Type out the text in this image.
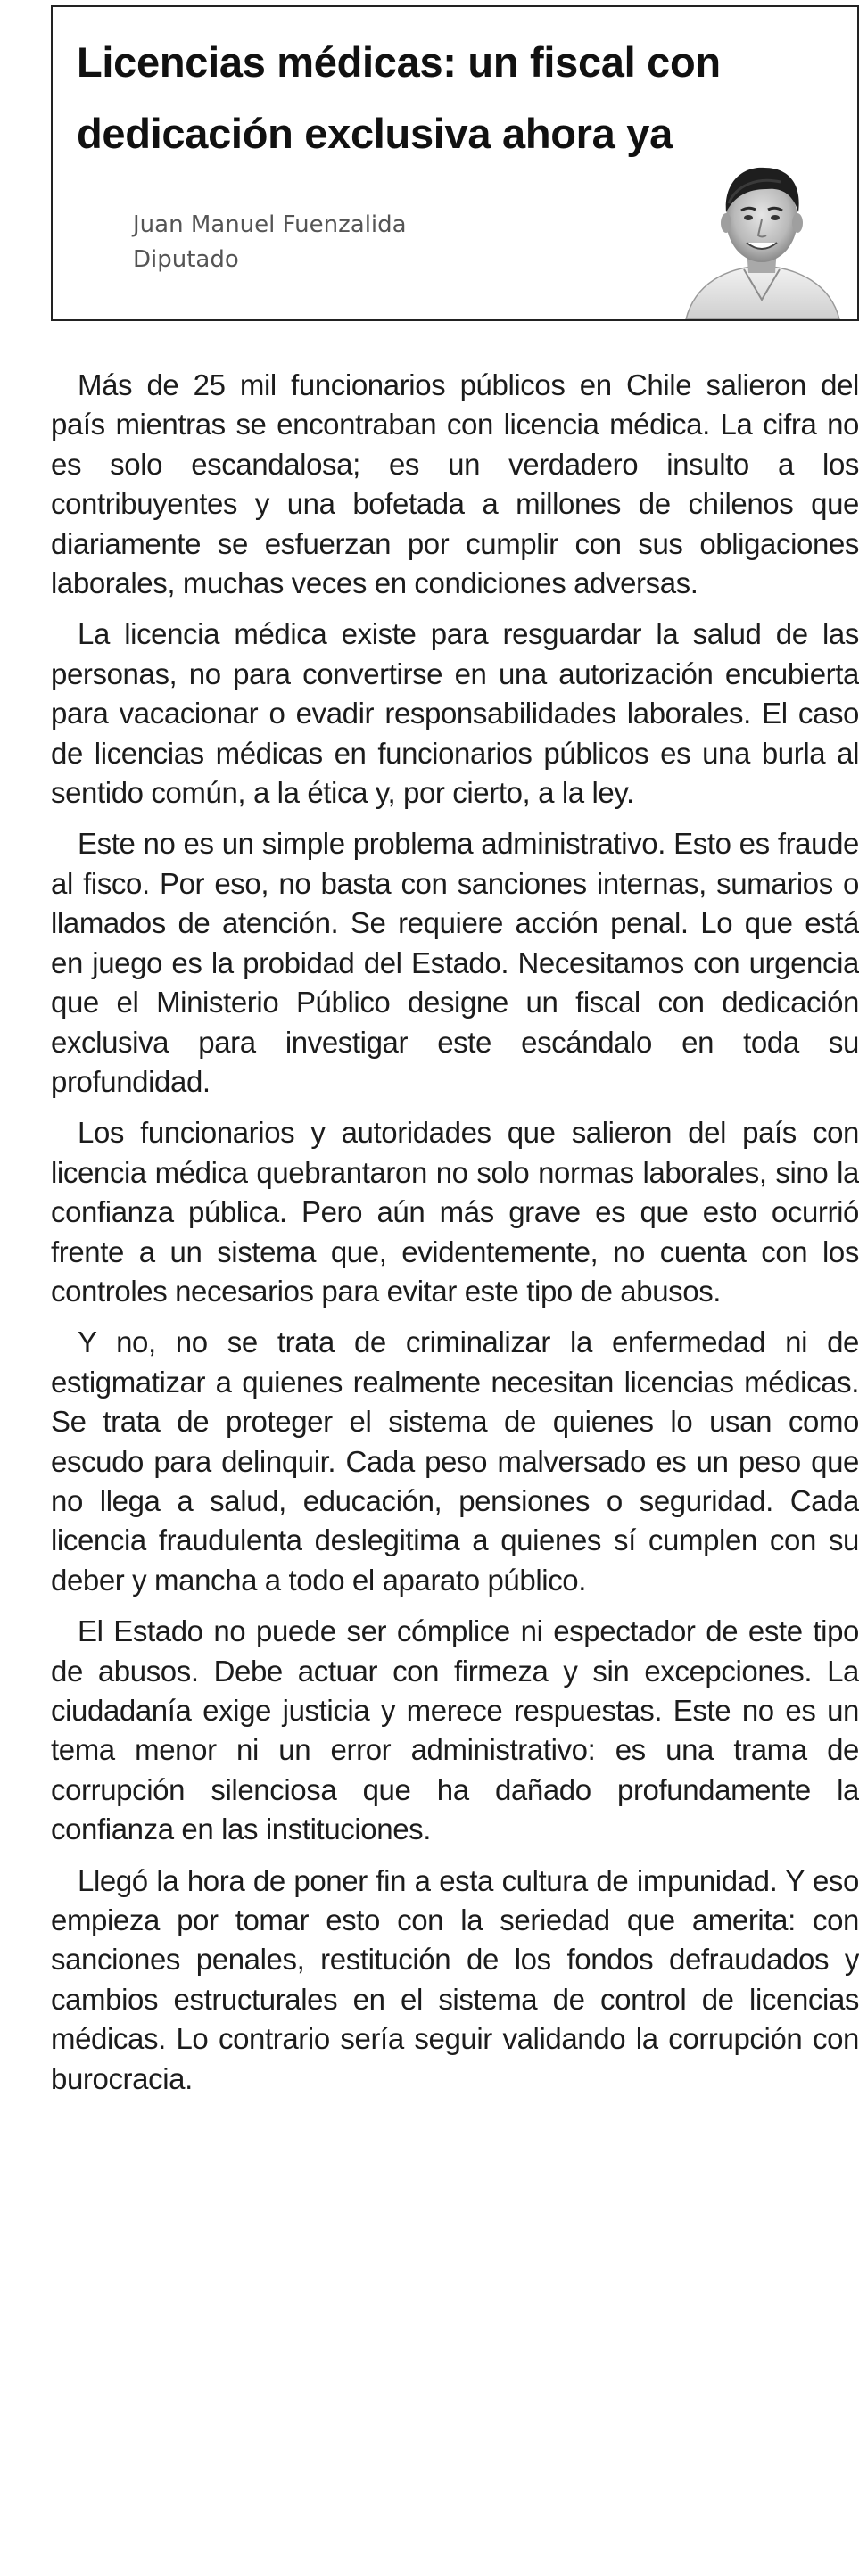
Licencias médicas: un fiscal con dedicación exclusiva ahora ya
Juan Manuel Fuenzalida
Diputado

Más de 25 mil funcionarios públicos en Chile salieron del país mientras se encontraban con licencia médica. La cifra no es solo escandalosa; es un verdadero insulto a los contribuyentes y una bofetada a millones de chilenos que diariamente se esfuerzan por cumplir con sus obligaciones laborales, muchas veces en condiciones adversas.

La licencia médica existe para resguardar la salud de las personas, no para convertirse en una autorización encubierta para vacacionar o evadir responsabilidades laborales. El caso de licencias médicas en funcionarios públicos es una burla al sentido común, a la ética y, por cierto, a la ley.

Este no es un simple problema administrativo. Esto es fraude al fisco. Por eso, no basta con sanciones internas, sumarios o llamados de atención. Se requiere acción penal. Lo que está en juego es la probidad del Estado. Necesitamos con urgencia que el Ministerio Público designe un fiscal con dedicación exclusiva para investigar este escándalo en toda su profundidad.

Los funcionarios y autoridades que salieron del país con licencia médica quebrantaron no solo normas laborales, sino la confianza pública. Pero aún más grave es que esto ocurrió frente a un sistema que, evidentemente, no cuenta con los controles necesarios para evitar este tipo de abusos.

Y no, no se trata de criminalizar la enfermedad ni de estigmatizar a quienes realmente necesitan licencias médicas. Se trata de proteger el sistema de quienes lo usan como escudo para delinquir. Cada peso malversado es un peso que no llega a salud, educación, pensiones o seguridad. Cada licencia fraudulenta deslegitima a quienes sí cumplen con su deber y mancha a todo el aparato público.

El Estado no puede ser cómplice ni espectador de este tipo de abusos. Debe actuar con firmeza y sin excepciones. La ciudadanía exige justicia y merece respuestas. Este no es un tema menor ni un error administrativo: es una trama de corrupción silenciosa que ha dañado profundamente la confianza en las instituciones.

Llegó la hora de poner fin a esta cultura de impunidad. Y eso empieza por tomar esto con la seriedad que amerita: con sanciones penales, restitución de los fondos defraudados y cambios estructurales en el sistema de control de licencias médicas. Lo contrario sería seguir validando la corrupción con burocracia.
